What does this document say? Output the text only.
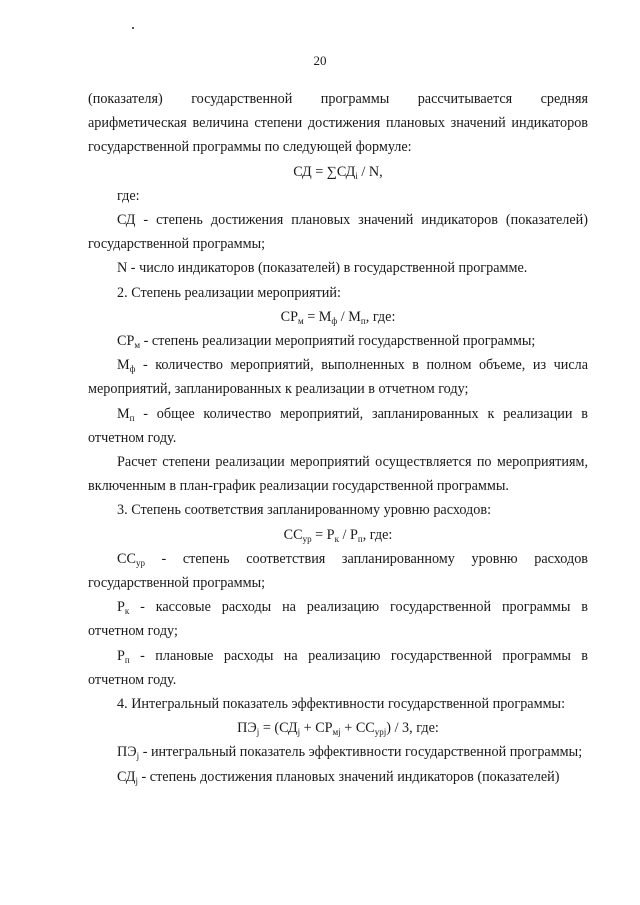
20

(показателя) государственной программы рассчитывается средняя арифметическая величина степени достижения плановых значений индикаторов государственной программы по следующей формуле:

СД = $\sum СД_i$ / N,

где:

СД - степень достижения плановых значений индикаторов (показателей) государственной программы;

N - число индикаторов (показателей) в государственной программе.

2. Степень реализации мероприятий:

$СР_м = М_ф / М_п$, где:

$СР_м$ - степень реализации мероприятий государственной программы;

$М_ф$ - количество мероприятий, выполненных в полном объеме, из числа мероприятий, запланированных к реализации в отчетном году;

$М_п$ - общее количество мероприятий, запланированных к реализации в отчетном году.

Расчет степени реализации мероприятий осуществляется по мероприятиям, включенным в план-график реализации государственной программы.

3. Степень соответствия запланированному уровню расходов:

$СС_{ур} = Р_к / Р_п$, где:

$СС_{ур}$ - степень соответствия запланированному уровню расходов государственной программы;

$Р_к$ - кассовые расходы на реализацию государственной программы в отчетном году;

$Р_п$ - плановые расходы на реализацию государственной программы в отчетном году.

4. Интегральный показатель эффективности государственной программы:

$ПЭ_j = (СД_j + СР_{мj} + СС_{урj}) / 3$, где:

$ПЭ_j$ - интегральный показатель эффективности государственной программы;

$СД_j$ - степень достижения плановых значений индикаторов (показателей)
